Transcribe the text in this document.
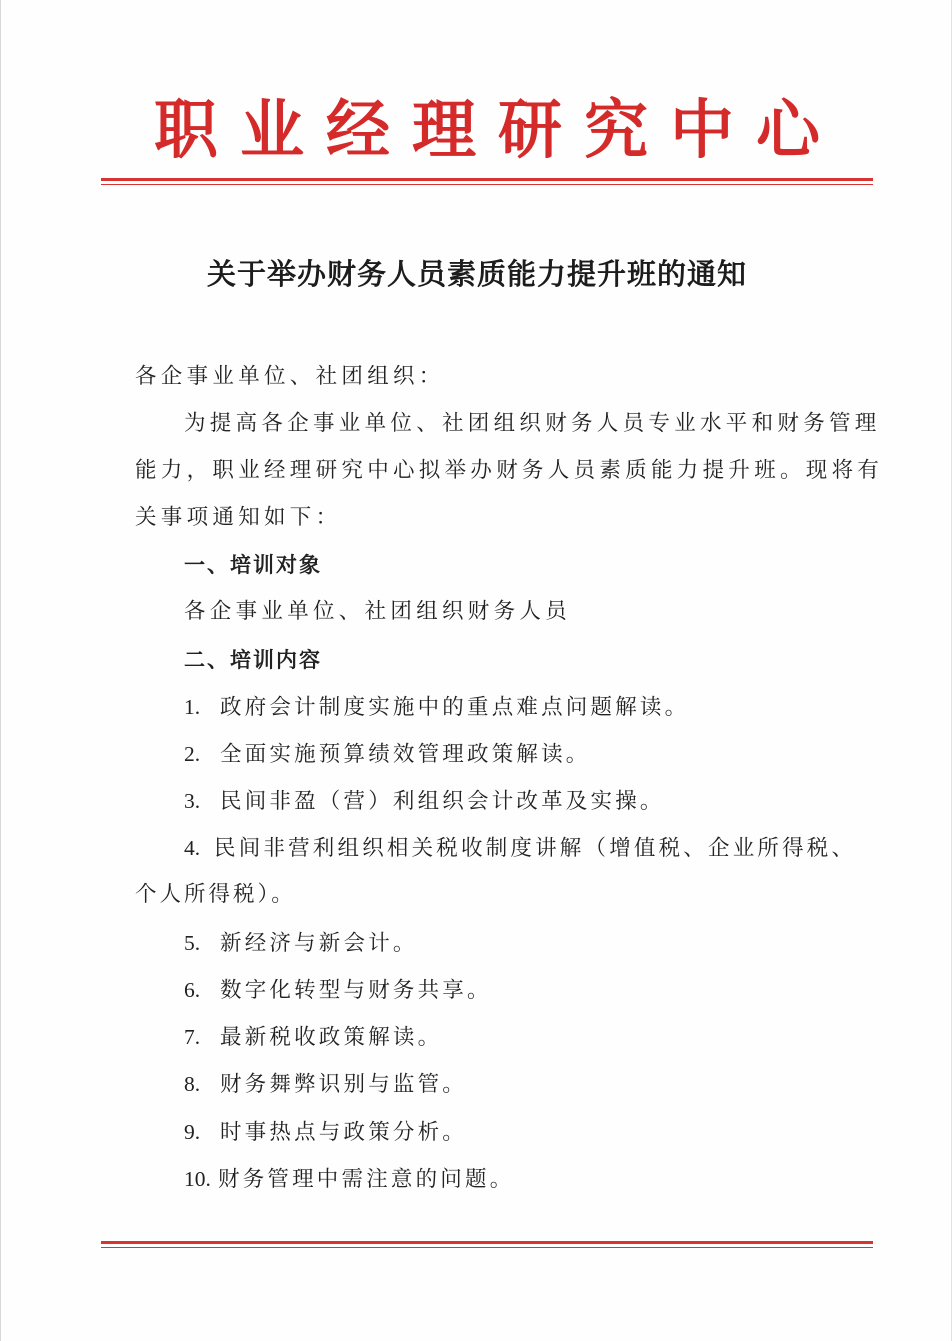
职业经理研究中心
关于举办财务人员素质能力提升班的通知
各企事业单位、社团组织：
为提高各企事业单位、社团组织财务人员专业水平和财务管理
能力，职业经理研究中心拟举办财务人员素质能力提升班。现将有
关事项通知如下：
一、培训对象
各企事业单位、社团组织财务人员
二、培训内容
1. 政府会计制度实施中的重点难点问题解读。
2. 全面实施预算绩效管理政策解读。
3. 民间非盈（营）利组织会计改革及实操。
4. 民间非营利组织相关税收制度讲解（增值税、企业所得税、
个人所得税）。
5. 新经济与新会计。
6. 数字化转型与财务共享。
7. 最新税收政策解读。
8. 财务舞弊识别与监管。
9. 时事热点与政策分析。
10. 财务管理中需注意的问题。
